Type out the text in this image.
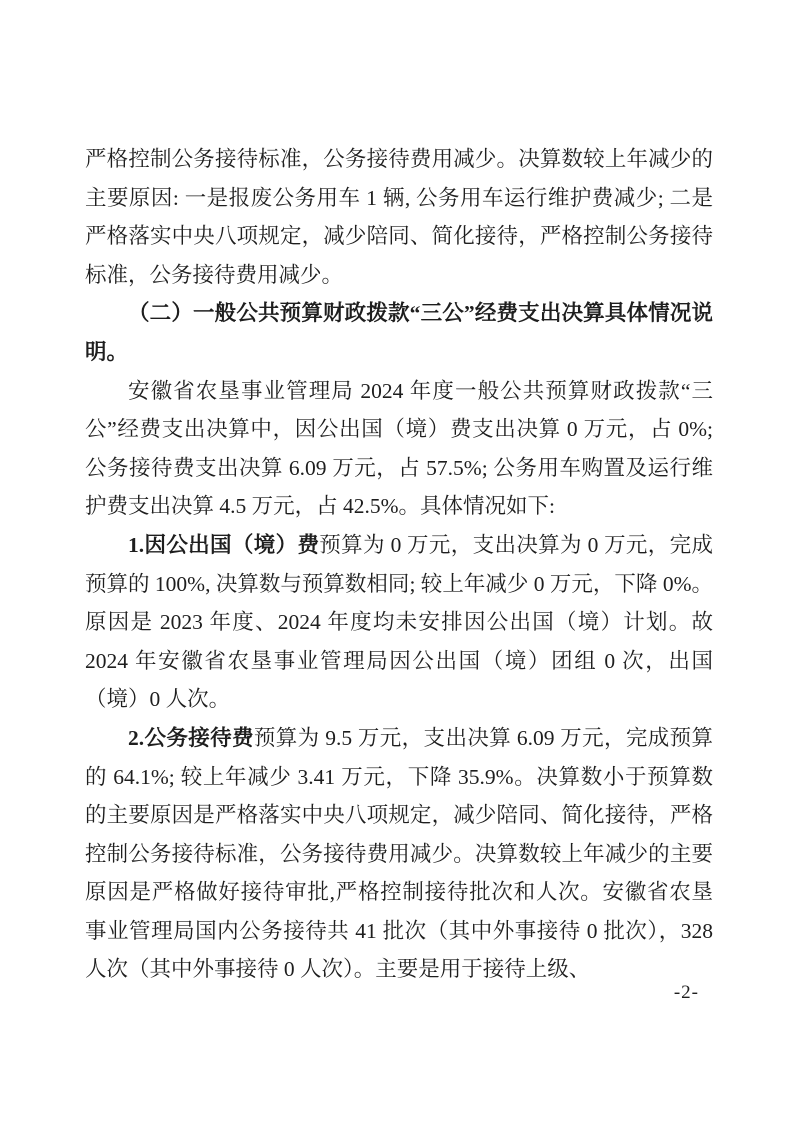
严格控制公务接待标准，公务接待费用减少。决算数较上年减少的主要原因: 一是报废公务用车 1 辆, 公务用车运行维护费减少; 二是严格落实中央八项规定，减少陪同、简化接待，严格控制公务接待标准，公务接待费用减少。

（二）一般公共预算财政拨款“三公”经费支出决算具体情况说明。

安徽省农垦事业管理局 2024 年度一般公共预算财政拨款“三公”经费支出决算中，因公出国（境）费支出决算 0 万元，占 0%; 公务接待费支出决算 6.09 万元，占 57.5%; 公务用车购置及运行维护费支出决算 4.5 万元，占 42.5%。具体情况如下:

1.因公出国（境）费预算为 0 万元，支出决算为 0 万元，完成预算的 100%, 决算数与预算数相同; 较上年减少 0 万元，下降 0%。原因是 2023 年度、2024 年度均未安排因公出国（境）计划。故 2024 年安徽省农垦事业管理局因公出国（境）团组 0 次，出国（境）0 人次。

2.公务接待费预算为 9.5 万元，支出决算 6.09 万元，完成预算的 64.1%; 较上年减少 3.41 万元，下降 35.9%。决算数小于预算数的主要原因是严格落实中央八项规定，减少陪同、简化接待，严格控制公务接待标准，公务接待费用减少。决算数较上年减少的主要原因是严格做好接待审批,严格控制接待批次和人次。安徽省农垦事业管理局国内公务接待共 41 批次（其中外事接待 0 批次），328 人次（其中外事接待 0 人次）。主要是用于接待上级、

-2-
